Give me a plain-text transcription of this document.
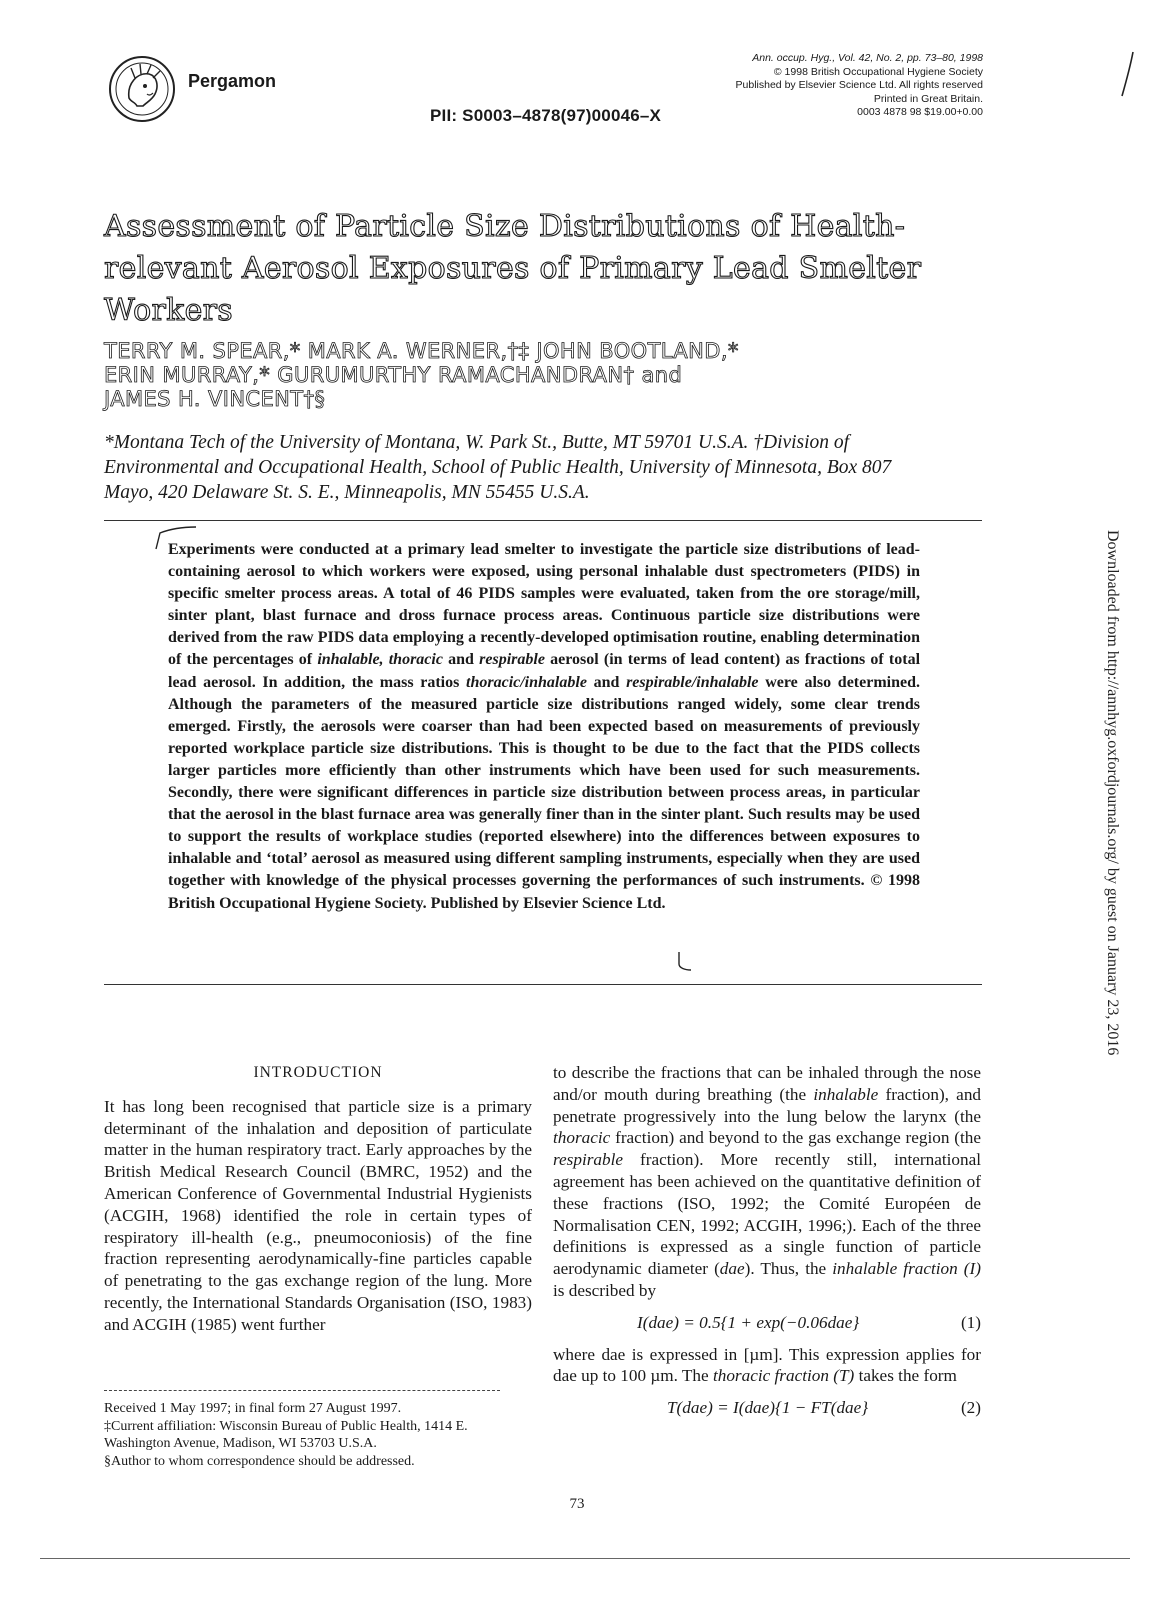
Pergamon
PII: S0003–4878(97)00046–X
Ann. occup. Hyg., Vol. 42, No. 2, pp. 73–80, 1998
© 1998 British Occupational Hygiene Society
Published by Elsevier Science Ltd. All rights reserved
Printed in Great Britain.
0003 4878 98 $19.00+0.00
Assessment of Particle Size Distributions of Health-
relevant Aerosol Exposures of Primary Lead Smelter
Workers
TERRY M. SPEAR,* MARK A. WERNER,†‡ JOHN BOOTLAND,*
ERIN MURRAY,* GURUMURTHY RAMACHANDRAN† and
JAMES H. VINCENT†§
*Montana Tech of the University of Montana, W. Park St., Butte, MT 59701 U.S.A. †Division of
Environmental and Occupational Health, School of Public Health, University of Minnesota, Box 807
Mayo, 420 Delaware St. S. E., Minneapolis, MN 55455 U.S.A.

Experiments were conducted at a primary lead smelter to investigate the particle size distributions of lead-containing aerosol to which workers were exposed, using personal inhalable dust spectrometers (PIDS) in specific smelter process areas. A total of 46 PIDS samples were evaluated, taken from the ore storage/mill, sinter plant, blast furnace and dross furnace process areas. Continuous particle size distributions were derived from the raw PIDS data employing a recently-developed optimisation routine, enabling determination of the percentages of inhalable, thoracic and respirable aerosol (in terms of lead content) as fractions of total lead aerosol. In addition, the mass ratios thoracic/inhalable and respirable/inhalable were also determined. Although the parameters of the measured particle size distributions ranged widely, some clear trends emerged. Firstly, the aerosols were coarser than had been expected based on measurements of previously reported workplace particle size distributions. This is thought to be due to the fact that the PIDS collects larger particles more efficiently than other instruments which have been used for such measurements. Secondly, there were significant differences in particle size distribution between process areas, in particular that the aerosol in the blast furnace area was generally finer than in the sinter plant. Such results may be used to support the results of workplace studies (reported elsewhere) into the differences between exposures to inhalable and ‘total’ aerosol as measured using different sampling instruments, especially when they are used together with knowledge of the physical processes governing the performances of such instruments. © 1998 British Occupational Hygiene Society. Published by Elsevier Science Ltd.

INTRODUCTION

It has long been recognised that particle size is a primary determinant of the inhalation and deposition of particulate matter in the human respiratory tract. Early approaches by the British Medical Research Council (BMRC, 1952) and the American Conference of Governmental Industrial Hygienists (ACGIH, 1968) identified the role in certain types of respiratory ill-health (e.g., pneumoconiosis) of the fine fraction representing aerodynamically-fine particles capable of penetrating to the gas exchange region of the lung. More recently, the International Standards Organisation (ISO, 1983) and ACGIH (1985) went further

to describe the fractions that can be inhaled through the nose and/or mouth during breathing (the inhalable fraction), and penetrate progressively into the lung below the larynx (the thoracic fraction) and beyond to the gas exchange region (the respirable fraction). More recently still, international agreement has been achieved on the quantitative definition of these fractions (ISO, 1992; the Comité Européen de Normalisation CEN, 1992; ACGIH, 1996;). Each of the three definitions is expressed as a single function of particle aerodynamic diameter (dae). Thus, the inhalable fraction (I) is described by

I(dae) = 0.5{1 + exp(−0.06dae}	(1)

where dae is expressed in [µm]. This expression applies for dae up to 100 µm. The thoracic fraction (T) takes the form

T(dae) = I(dae){1 − FT(dae}	(2)
Received 1 May 1997; in final form 27 August 1997.
‡Current affiliation: Wisconsin Bureau of Public Health, 1414 E. Washington Avenue, Madison, WI 53703 U.S.A.
§Author to whom correspondence should be addressed.
73
Downloaded from http://annhyg.oxfordjournals.org/ by guest on January 23, 2016
